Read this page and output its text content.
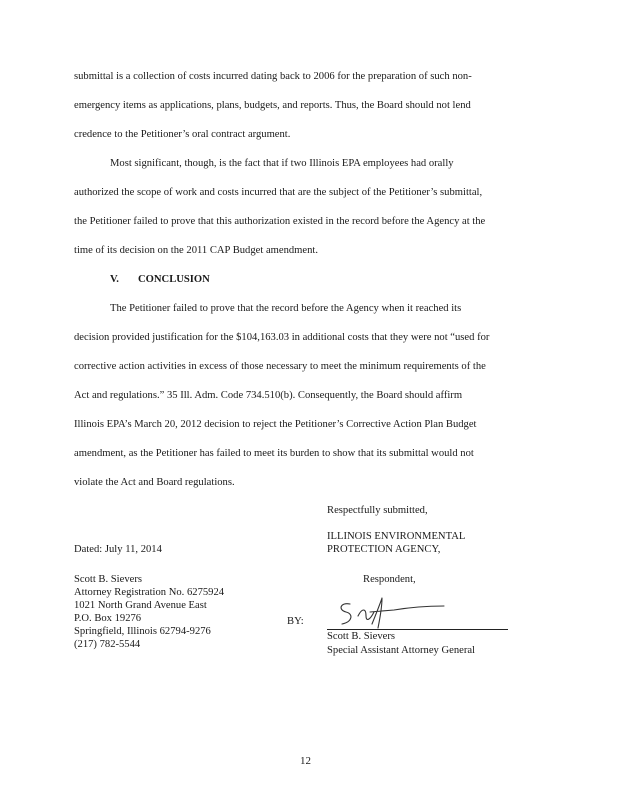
submittal is a collection of costs incurred dating back to 2006 for the preparation of such non-
emergency items as applications, plans, budgets, and reports. Thus, the Board should not lend
credence to the Petitioner’s oral contract argument.
Most significant, though, is the fact that if two Illinois EPA employees had orally
authorized the scope of work and costs incurred that are the subject of the Petitioner’s submittal,
the Petitioner failed to prove that this authorization existed in the record before the Agency at the
time of its decision on the 2011 CAP Budget amendment.
V. CONCLUSION
The Petitioner failed to prove that the record before the Agency when it reached its
decision provided justification for the $104,163.03 in additional costs that they were not “used for
corrective action activities in excess of those necessary to meet the minimum requirements of the
Act and regulations.” 35 Ill. Adm. Code 734.510(b). Consequently, the Board should affirm
Illinois EPA’s March 20, 2012 decision to reject the Petitioner’s Corrective Action Plan Budget
amendment, as the Petitioner has failed to meet its burden to show that its submittal would not
violate the Act and Board regulations.
Respectfully submitted,
ILLINOIS ENVIRONMENTAL
PROTECTION AGENCY,
Dated: July 11, 2014
Respondent,
Scott B. Sievers
Attorney Registration No. 6275924
1021 North Grand Avenue East
P.O. Box 19276
Springfield, Illinois 62794-9276
(217) 782-5544
BY:
Scott B. Sievers
Special Assistant Attorney General
12
